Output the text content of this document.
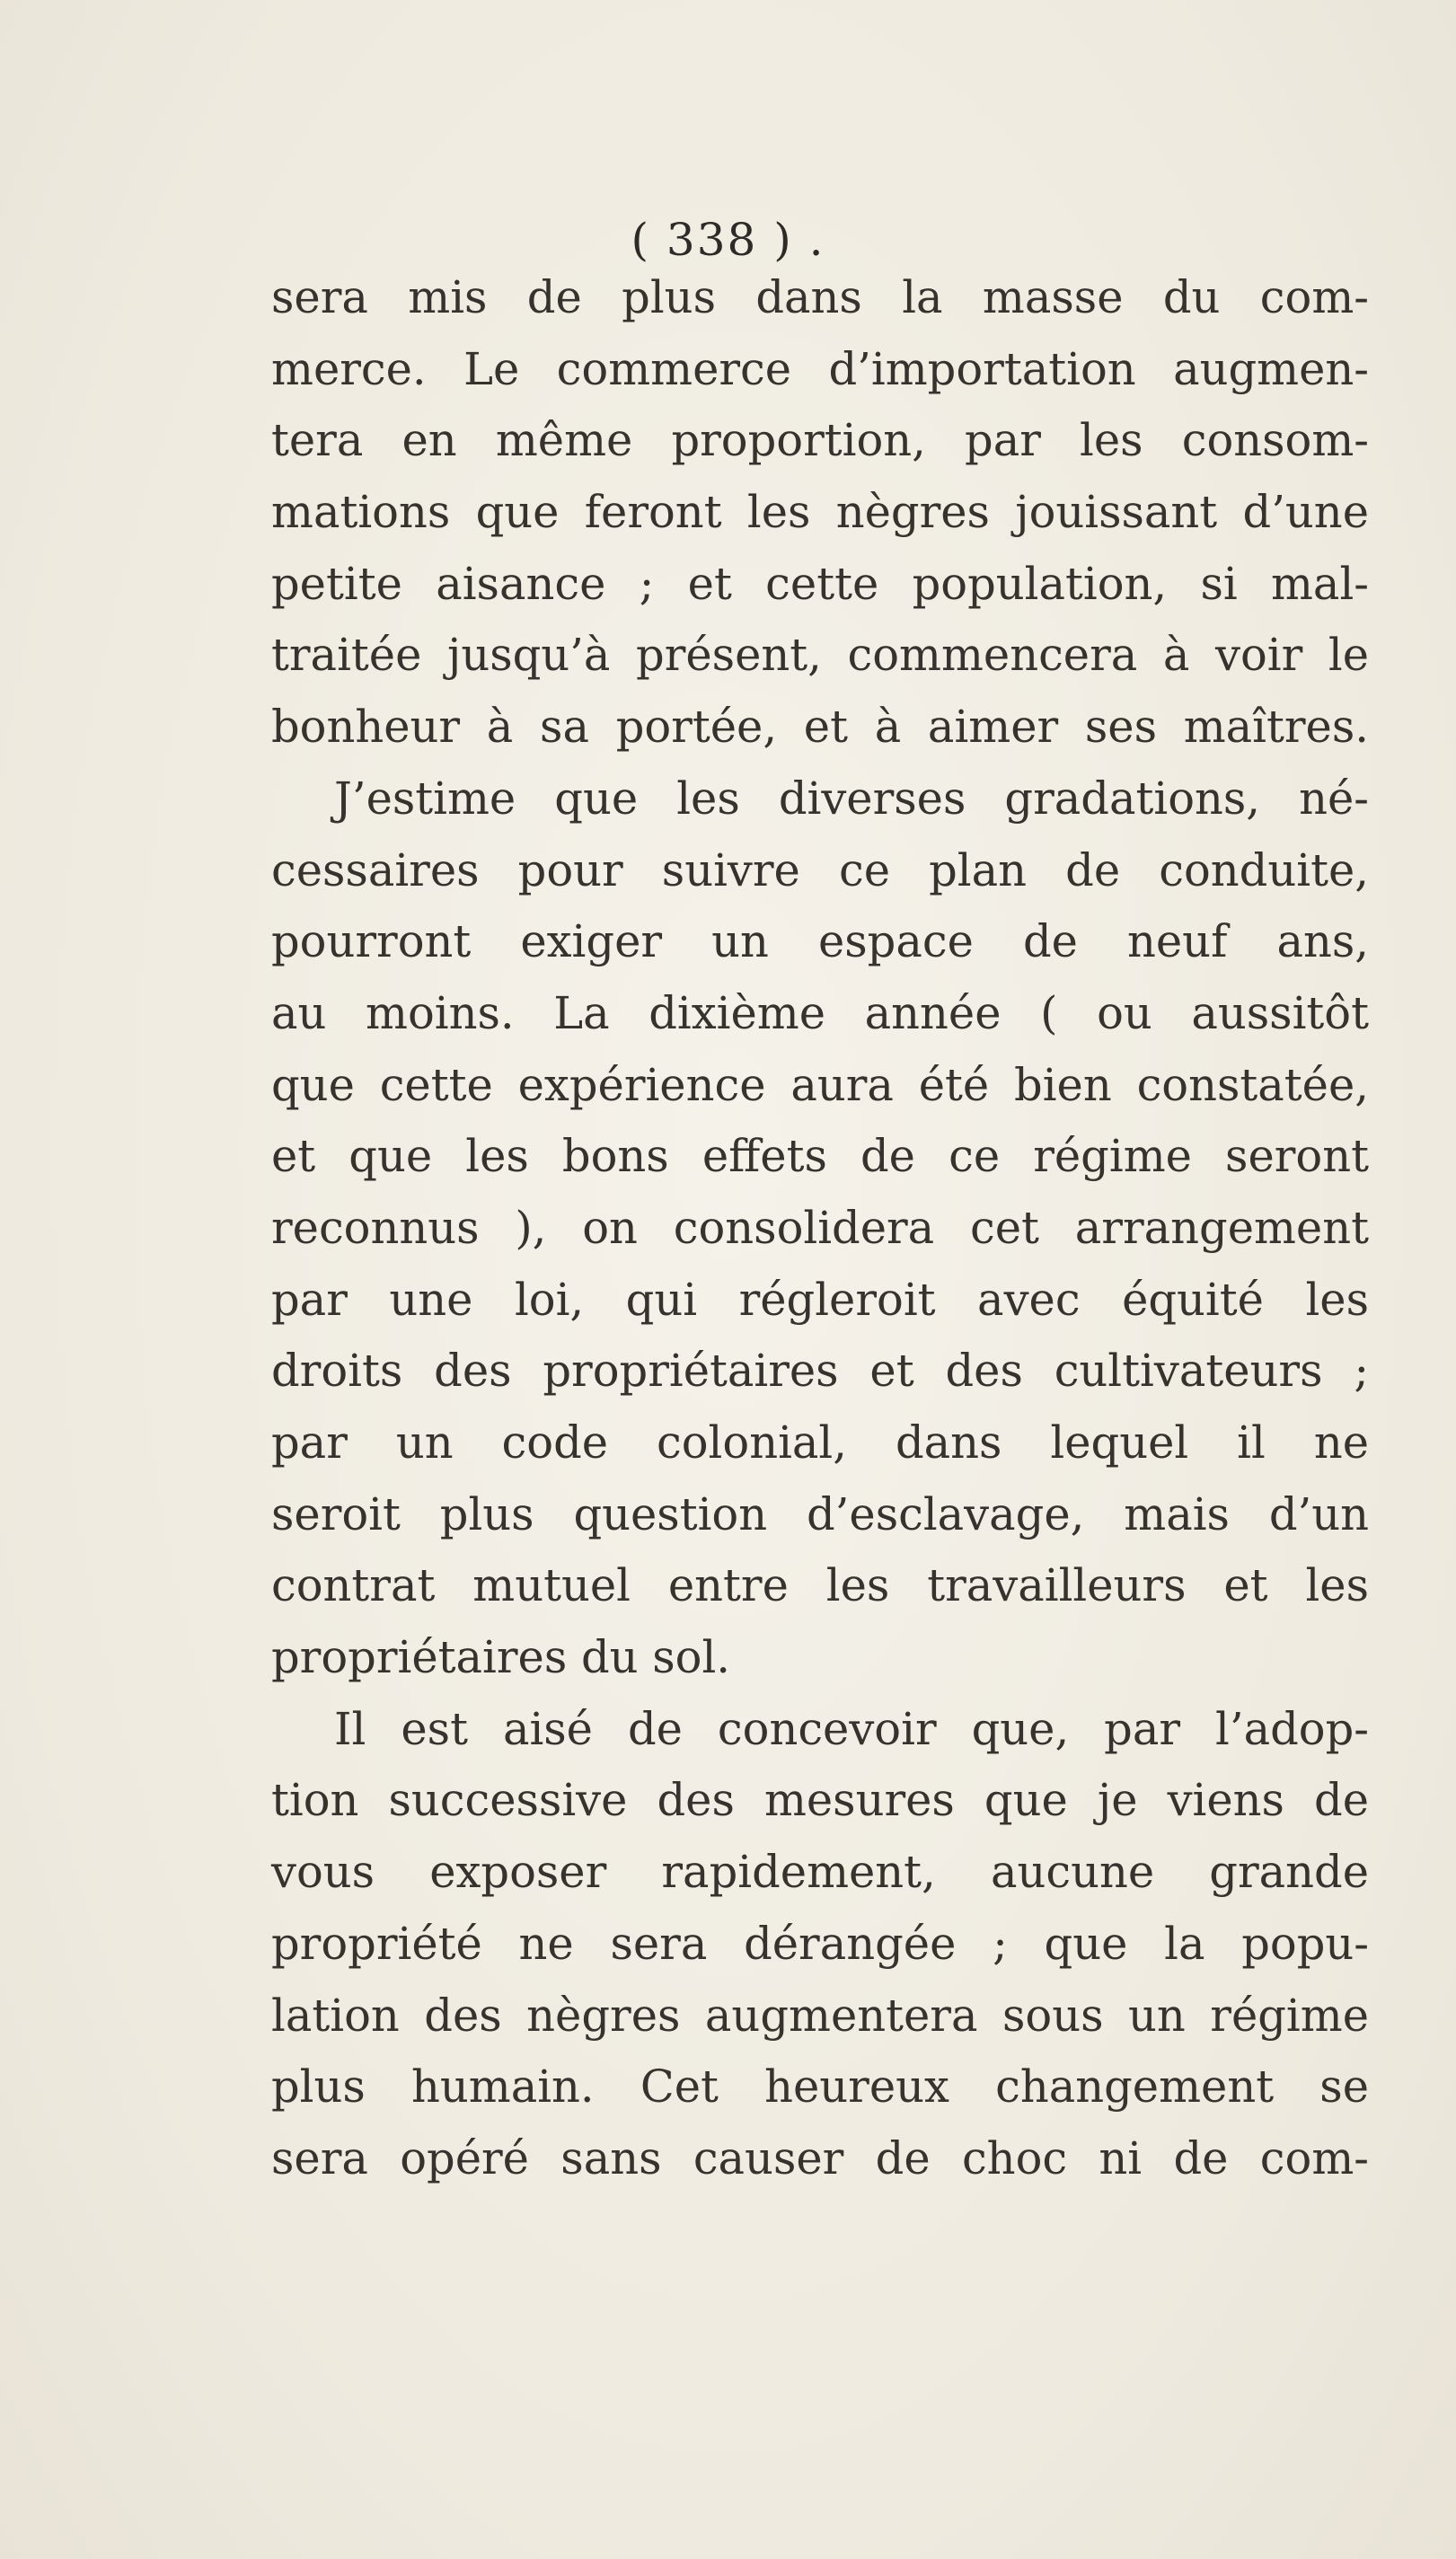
( 338 ) .
sera mis de plus dans la masse du com-
merce. Le commerce d’importation augmen-
tera en même proportion, par les consom-
mations que feront les nègres jouissant d’une
petite aisance ; et cette population, si mal-
traitée jusqu’à présent, commencera à voir le
bonheur à sa portée, et à aimer ses maîtres.
J’estime que les diverses gradations, né-
cessaires pour suivre ce plan de conduite,
pourront exiger un espace de neuf ans,
au moins. La dixième année ( ou aussitôt
que cette expérience aura été bien constatée,
et que les bons effets de ce régime seront
reconnus ), on consolidera cet arrangement
par une loi, qui régleroit avec équité les
droits des propriétaires et des cultivateurs ;
par un code colonial, dans lequel il ne
seroit plus question d’esclavage, mais d’un
contrat mutuel entre les travailleurs et les
propriétaires du sol.
Il est aisé de concevoir que, par l’adop-
tion successive des mesures que je viens de
vous exposer rapidement, aucune grande
propriété ne sera dérangée ; que la popu-
lation des nègres augmentera sous un régime
plus humain. Cet heureux changement se
sera opéré sans causer de choc ni de com-
